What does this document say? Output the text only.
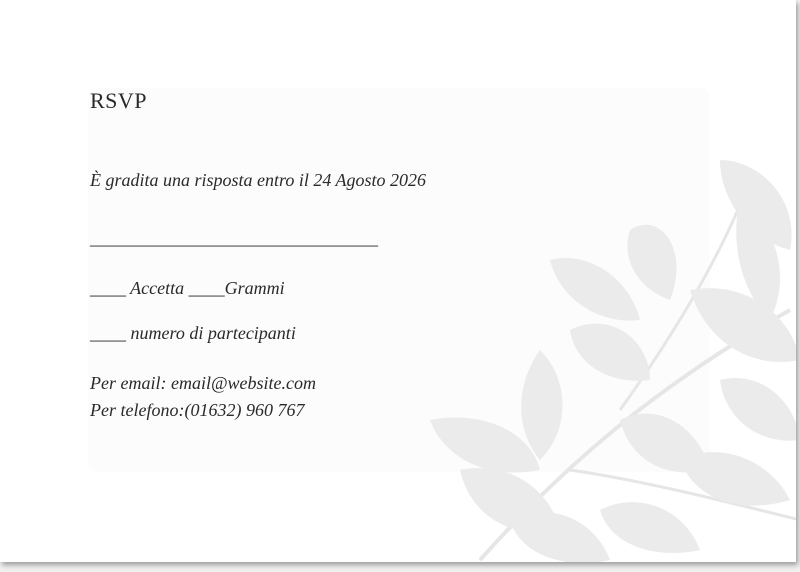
RSVP
È gradita una risposta entro il 24 Agosto 2026
________________________________
____ Accetta ____Grammi
____ numero di partecipanti
Per email: email@website.com
Per telefono:(01632) 960 767
